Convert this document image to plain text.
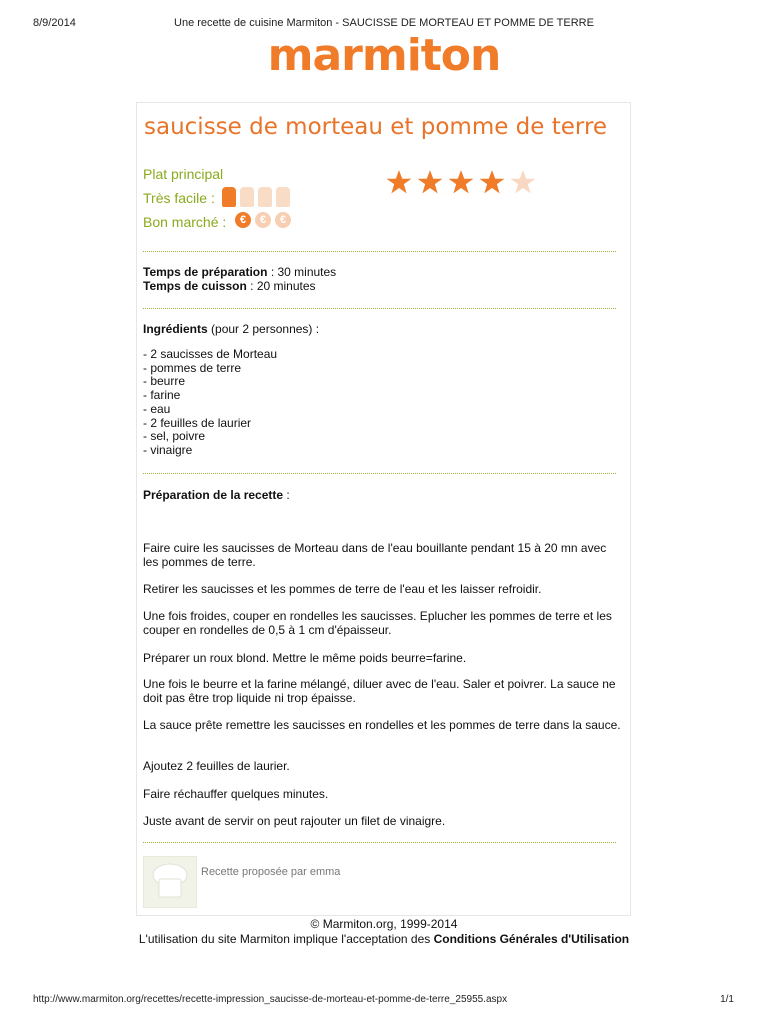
8/9/2014	Une recette de cuisine Marmiton - SAUCISSE DE MORTEAU ET POMME DE TERRE
marmiton
saucisse de morteau et pomme de terre
Plat principal
Très facile :
Bon marché :	€	€	€
Temps de préparation : 30 minutes
Temps de cuisson : 20 minutes
Ingrédients (pour 2 personnes) :
- 2 saucisses de Morteau
- pommes de terre
- beurre
- farine
- eau
- 2 feuilles de laurier
- sel, poivre
- vinaigre
Préparation de la recette :
Faire cuire les saucisses de Morteau dans de l'eau bouillante pendant 15 à 20 mn avec les pommes de terre.
Retirer les saucisses et les pommes de terre de l'eau et les laisser refroidir.
Une fois froides, couper en rondelles les saucisses. Eplucher les pommes de terre et les couper en rondelles de 0,5 à 1 cm d'épaisseur.
Préparer un roux blond. Mettre le même poids beurre=farine.
Une fois le beurre et la farine mélangé, diluer avec de l'eau. Saler et poivrer. La sauce ne doit pas être trop liquide ni trop épaisse.
La sauce prête remettre les saucisses en rondelles et les pommes de terre dans la sauce.
Ajoutez 2 feuilles de laurier.
Faire réchauffer quelques minutes.
Juste avant de servir on peut rajouter un filet de vinaigre.
Recette proposée par emma
© Marmiton.org, 1999-2014
L'utilisation du site Marmiton implique l'acceptation des Conditions Générales d'Utilisation
http://www.marmiton.org/recettes/recette-impression_saucisse-de-morteau-et-pomme-de-terre_25955.aspx	1/1
